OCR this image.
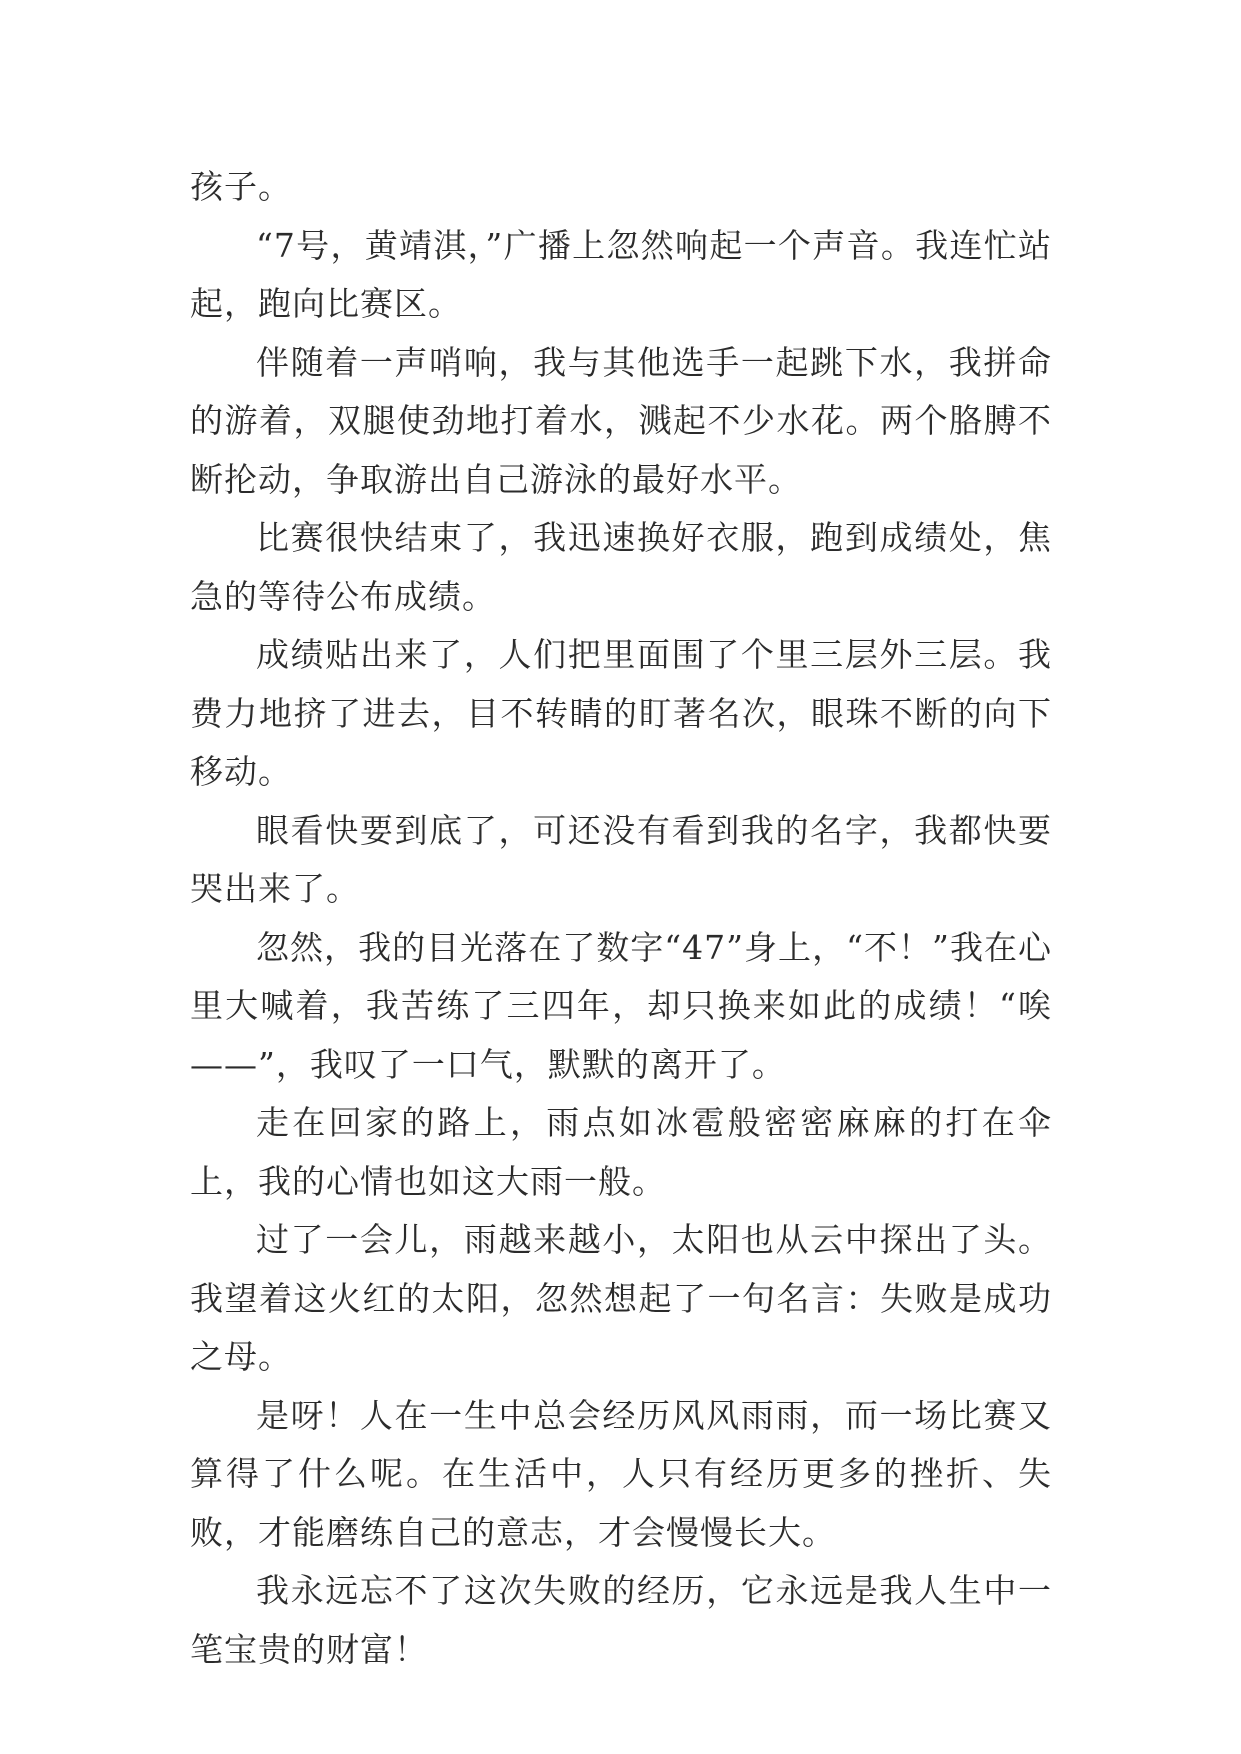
孩子。

“7号，黄靖淇，”广播上忽然响起一个声音。我连忙站起，跑向比赛区。

伴随着一声哨响，我与其他选手一起跳下水，我拼命的游着，双腿使劲地打着水，溅起不少水花。两个胳膊不断抡动，争取游出自己游泳的最好水平。

比赛很快结束了，我迅速换好衣服，跑到成绩处，焦急的等待公布成绩。

成绩贴出来了，人们把里面围了个里三层外三层。我费力地挤了进去，目不转睛的盯著名次，眼珠不断的向下移动。

眼看快要到底了，可还没有看到我的名字，我都快要哭出来了。

忽然，我的目光落在了数字“47”身上，“不！”我在心里大喊着，我苦练了三四年，却只换来如此的成绩！“唉——”，我叹了一口气，默默的离开了。

走在回家的路上，雨点如冰雹般密密麻麻的打在伞上，我的心情也如这大雨一般。

过了一会儿，雨越来越小，太阳也从云中探出了头。我望着这火红的太阳，忽然想起了一句名言：失败是成功之母。

是呀！人在一生中总会经历风风雨雨，而一场比赛又算得了什么呢。在生活中，人只有经历更多的挫折、失败，才能磨练自己的意志，才会慢慢长大。

我永远忘不了这次失败的经历，它永远是我人生中一笔宝贵的财富！
